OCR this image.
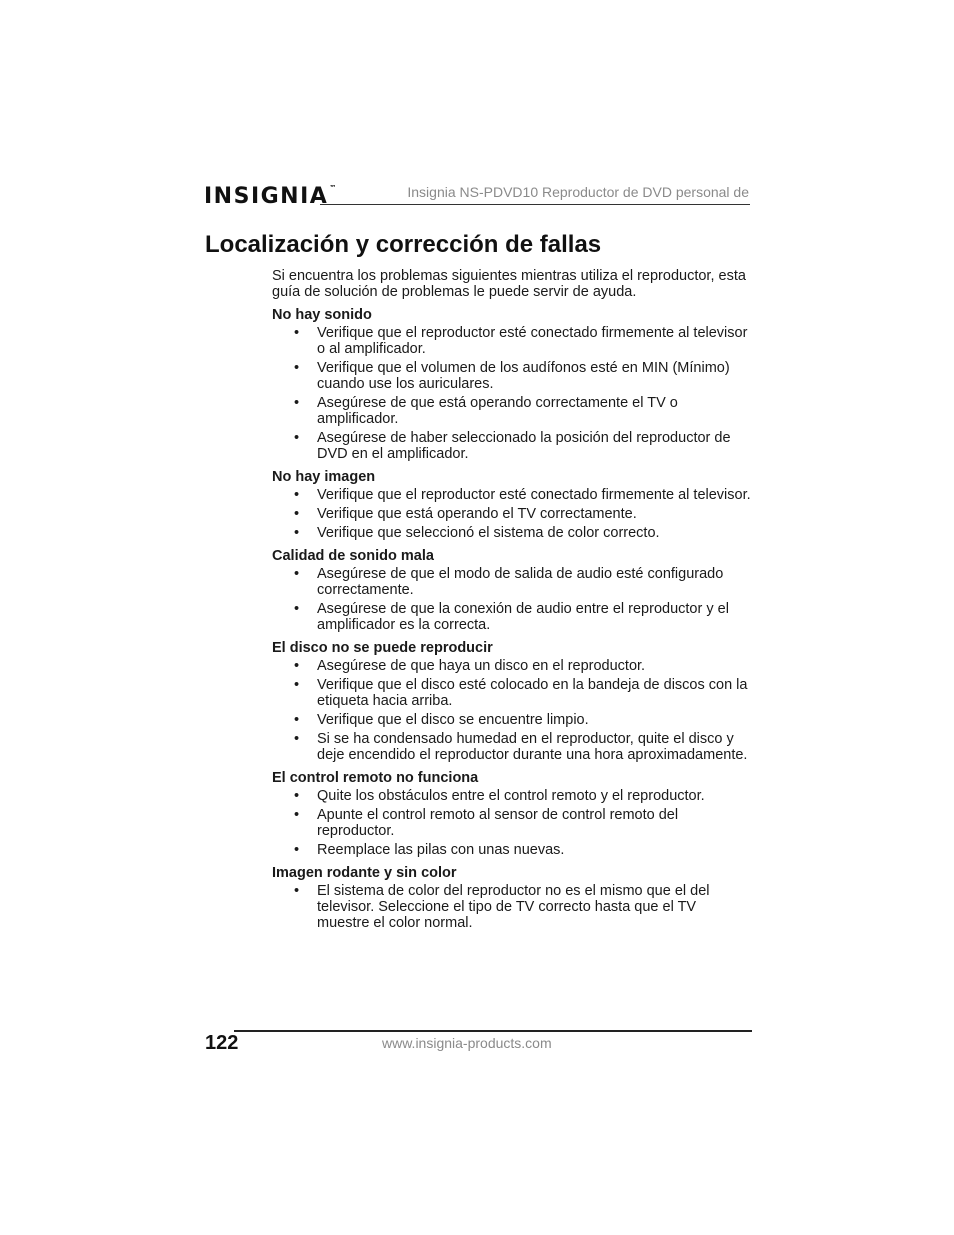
INSIGNIA™	Insignia NS-PDVD10 Reproductor de DVD personal de
Localización y corrección de fallas

Si encuentra los problemas siguientes mientras utiliza el reproductor, esta guía de solución de problemas le puede servir de ayuda.

No hay sonido
• Verifique que el reproductor esté conectado firmemente al televisor o al amplificador.
• Verifique que el volumen de los audífonos esté en MIN (Mínimo) cuando use los auriculares.
• Asegúrese de que está operando correctamente el TV o amplificador.
• Asegúrese de haber seleccionado la posición del reproductor de DVD en el amplificador.
No hay imagen
• Verifique que el reproductor esté conectado firmemente al televisor.
• Verifique que está operando el TV correctamente.
• Verifique que seleccionó el sistema de color correcto.
Calidad de sonido mala
• Asegúrese de que el modo de salida de audio esté configurado correctamente.
• Asegúrese de que la conexión de audio entre el reproductor y el amplificador es la correcta.
El disco no se puede reproducir
• Asegúrese de que haya un disco en el reproductor.
• Verifique que el disco esté colocado en la bandeja de discos con la etiqueta hacia arriba.
• Verifique que el disco se encuentre limpio.
• Si se ha condensado humedad en el reproductor, quite el disco y deje encendido el reproductor durante una hora aproximadamente.
El control remoto no funciona
• Quite los obstáculos entre el control remoto y el reproductor.
• Apunte el control remoto al sensor de control remoto del reproductor.
• Reemplace las pilas con unas nuevas.
Imagen rodante y sin color
• El sistema de color del reproductor no es el mismo que el del televisor. Seleccione el tipo de TV correcto hasta que el TV muestre el color normal.
122	www.insignia-products.com
